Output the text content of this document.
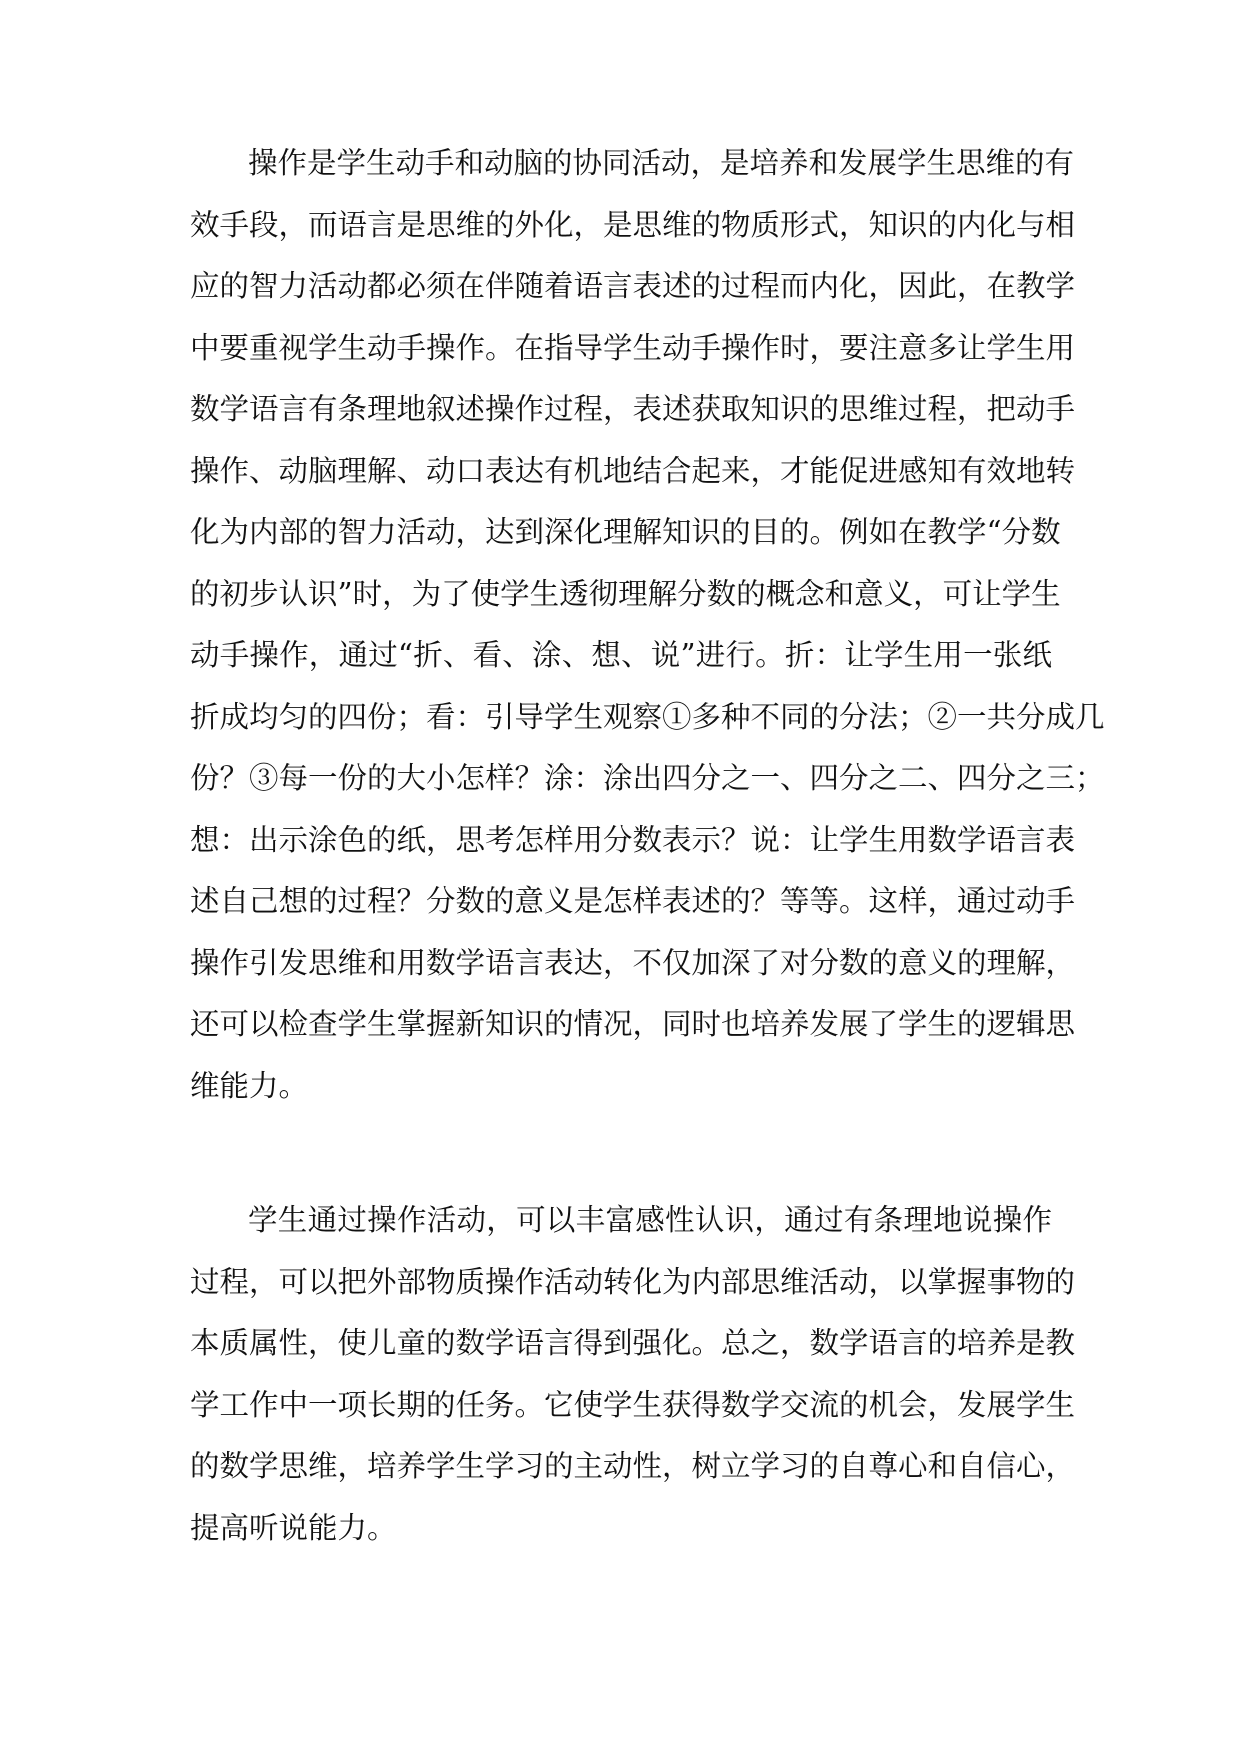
操作是学生动手和动脑的协同活动，是培养和发展学生思维的有
效手段，而语言是思维的外化，是思维的物质形式，知识的内化与相
应的智力活动都必须在伴随着语言表述的过程而内化，因此，在教学
中要重视学生动手操作。在指导学生动手操作时，要注意多让学生用
数学语言有条理地叙述操作过程，表述获取知识的思维过程，把动手
操作、动脑理解、动口表达有机地结合起来，才能促进感知有效地转
化为内部的智力活动，达到深化理解知识的目的。例如在教学“分数
的初步认识”时，为了使学生透彻理解分数的概念和意义，可让学生
动手操作，通过“折、看、涂、想、说”进行。折：让学生用一张纸
折成均匀的四份；看：引导学生观察①多种不同的分法；②一共分成几
份？③每一份的大小怎样？涂：涂出四分之一、四分之二、四分之三；
想：出示涂色的纸，思考怎样用分数表示？说：让学生用数学语言表
述自己想的过程？分数的意义是怎样表述的？等等。这样，通过动手
操作引发思维和用数学语言表达，不仅加深了对分数的意义的理解，
还可以检查学生掌握新知识的情况，同时也培养发展了学生的逻辑思
维能力。
学生通过操作活动，可以丰富感性认识，通过有条理地说操作
过程，可以把外部物质操作活动转化为内部思维活动，以掌握事物的
本质属性，使儿童的数学语言得到强化。总之，数学语言的培养是教
学工作中一项长期的任务。它使学生获得数学交流的机会，发展学生
的数学思维，培养学生学习的主动性，树立学习的自尊心和自信心，
提高听说能力。
